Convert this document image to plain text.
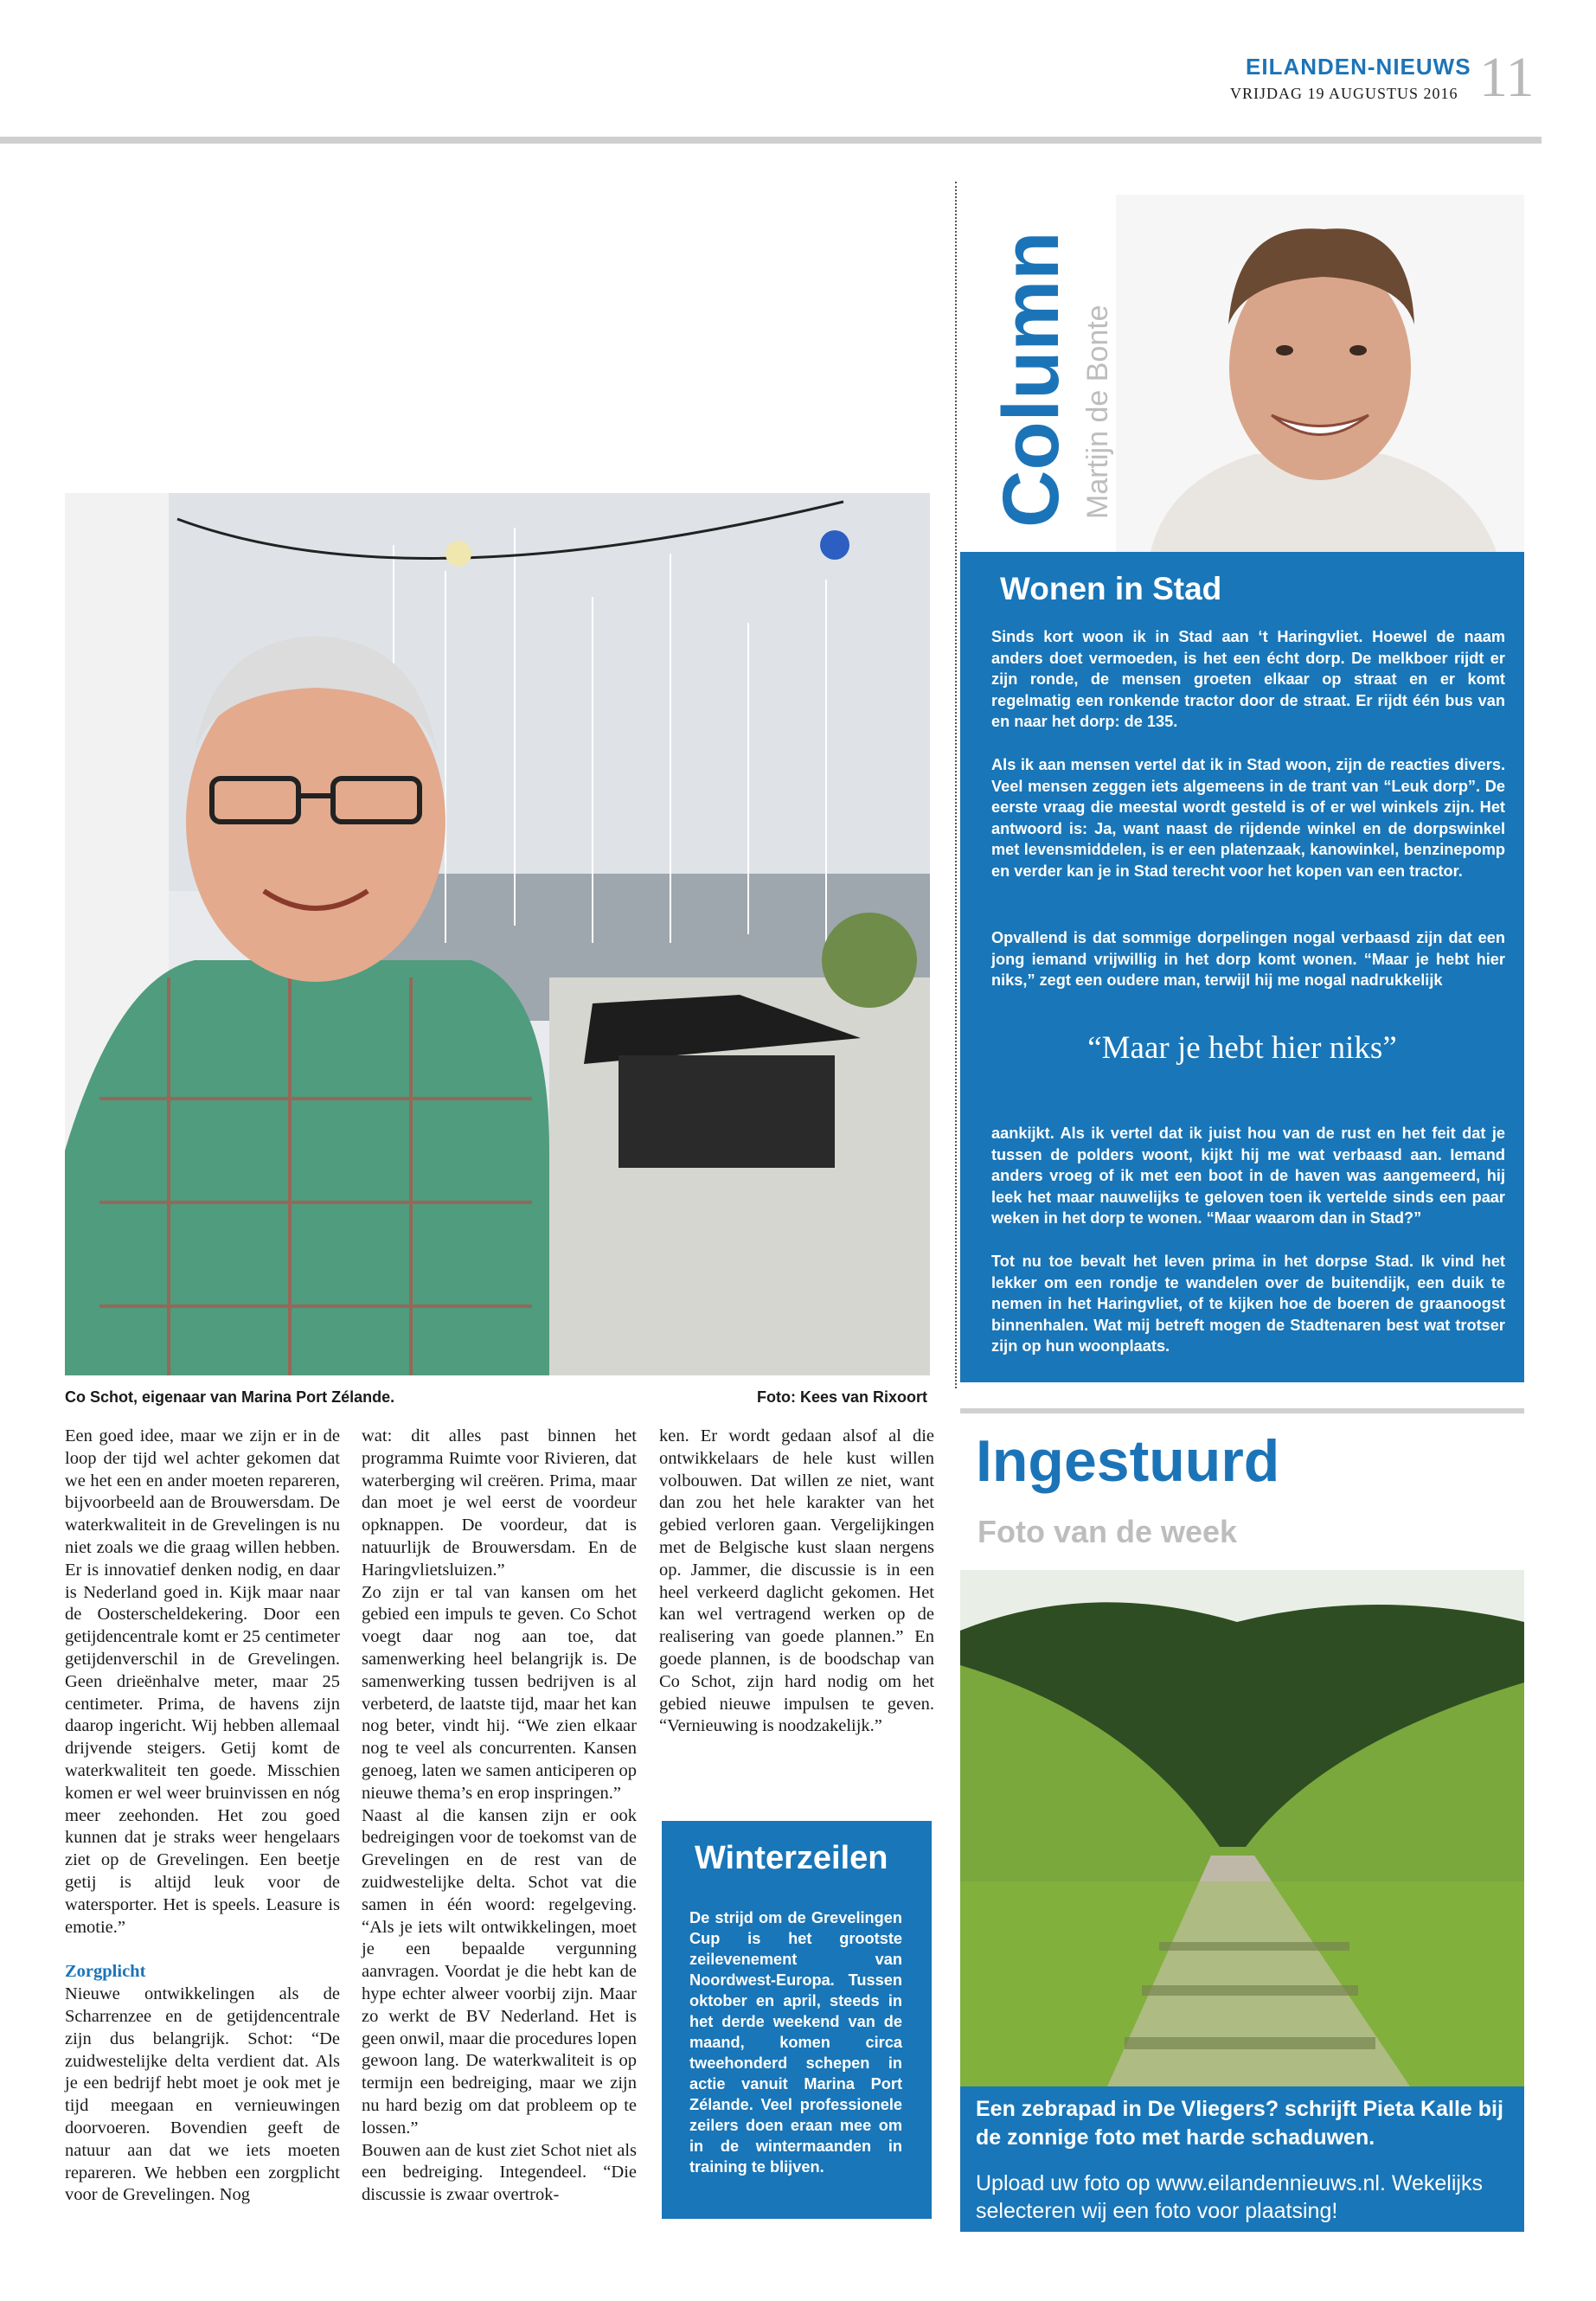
EILANDEN-NIEUWS
VRIJDAG 19 AUGUSTUS 2016 11
Column Martijn de Bonte
Wonen in Stad

Sinds kort woon ik in Stad aan ‘t Haringvliet. Hoewel de naam anders doet vermoeden, is het een écht dorp. De melkboer rijdt er zijn ronde, de mensen groeten elkaar op straat en er komt regelmatig een ronkende tractor door de straat. Er rijdt één bus van en naar het dorp: de 135.

Als ik aan mensen vertel dat ik in Stad woon, zijn de reacties divers. Veel mensen zeggen iets algemeens in de trant van “Leuk dorp”. De eerste vraag die meestal wordt gesteld is of er wel winkels zijn. Het antwoord is: Ja, want naast de rijdende winkel en de dorpswinkel met levensmiddelen, is er een platenzaak, kanowinkel, benzinepomp en verder kan je in Stad terecht voor het kopen van een tractor.

Opvallend is dat sommige dorpelingen nogal verbaasd zijn dat een jong iemand vrijwillig in het dorp komt wonen. “Maar je hebt hier niks,” zegt een oudere man, terwijl hij me nogal nadrukkelijk

“Maar je hebt hier niks”

aankijkt. Als ik vertel dat ik juist hou van de rust en het feit dat je tussen de polders woont, kijkt hij me wat verbaasd aan. Iemand anders vroeg of ik met een boot in de haven was aangemeerd, hij leek het maar nauwelijks te geloven toen ik vertelde sinds een paar weken in het dorp te wonen. “Maar waarom dan in Stad?”

Tot nu toe bevalt het leven prima in het dorpse Stad. Ik vind het lekker om een rondje te wandelen over de buitendijk, een duik te nemen in het Haringvliet, of te kijken hoe de boeren de graanoogst binnenhalen. Wat mij betreft mogen de Stadtenaren best wat trotser zijn op hun woonplaats.

Co Schot, eigenaar van Marina Port Zélande.	Foto: Kees van Rixoort

Een goed idee, maar we zijn er in de loop der tijd wel achter gekomen dat we het een en ander moeten repareren, bijvoorbeeld aan de Brouwersdam. De waterkwaliteit in de Grevelingen is nu niet zoals we die graag willen hebben. Er is innovatief denken nodig, en daar is Nederland goed in. Kijk maar naar de Oosterscheldekering. Door een getijdencentrale komt er 25 centimeter getijdenverschil in de Grevelingen. Geen drieënhalve meter, maar 25 centimeter. Prima, de havens zijn daarop ingericht. Wij hebben allemaal drijvende steigers. Getij komt de waterkwaliteit ten goede. Misschien komen er wel weer bruinvissen en nóg meer zeehonden. Het zou goed kunnen dat je straks weer hengelaars ziet op de Grevelingen. Een beetje getij is altijd leuk voor de watersporter. Het is speels. Leasure is emotie.”

Zorgplicht

Nieuwe ontwikkelingen als de Scharrenzee en de getijdencentrale zijn dus belangrijk. Schot: “De zuidwestelijke delta verdient dat. Als je een bedrijf hebt moet je ook met je tijd meegaan en vernieuwingen doorvoeren. Bovendien geeft de natuur aan dat we iets moeten repareren. We hebben een zorgplicht voor de Grevelingen. Nog

wat: dit alles past binnen het programma Ruimte voor Rivieren, dat waterberging wil creëren. Prima, maar dan moet je wel eerst de voordeur opknappen. De voordeur, dat is natuurlijk de Brouwersdam. En de Haringvlietsluizen.”

Zo zijn er tal van kansen om het gebied een impuls te geven. Co Schot voegt daar nog aan toe, dat samenwerking heel belangrijk is. De samenwerking tussen bedrijven is al verbeterd, de laatste tijd, maar het kan nog beter, vindt hij. “We zien elkaar nog te veel als concurrenten. Kansen genoeg, laten we samen anticiperen op nieuwe thema’s en erop inspringen.”

Naast al die kansen zijn er ook bedreigingen voor de toekomst van de Grevelingen en de rest van de zuidwestelijke delta. Schot vat die samen in één woord: regelgeving. “Als je iets wilt ontwikkelingen, moet je een bepaalde vergunning aanvragen. Voordat je die hebt kan de hype echter alweer voorbij zijn. Maar zo werkt de BV Nederland. Het is geen onwil, maar die procedures lopen gewoon lang. De waterkwaliteit is op termijn een bedreiging, maar we zijn nu hard bezig om dat probleem op te lossen.”

Bouwen aan de kust ziet Schot niet als een bedreiging. Integendeel. “Die discussie is zwaar overtrok-

ken. Er wordt gedaan alsof al die ontwikkelaars de hele kust willen volbouwen. Dat willen ze niet, want dan zou het hele karakter van het gebied verloren gaan. Vergelijkingen met de Belgische kust slaan nergens op. Jammer, die discussie is in een heel verkeerd daglicht gekomen. Het kan wel vertragend werken op de realisering van goede plannen.” En goede plannen, is de boodschap van Co Schot, zijn hard nodig om het gebied nieuwe impulsen te geven. “Vernieuwing is noodzakelijk.”

Winterzeilen

De strijd om de Grevelingen Cup is het grootste zeilevenement van Noordwest-Europa. Tussen oktober en april, steeds in het derde weekend van de maand, komen circa tweehonderd schepen in actie vanuit Marina Port Zélande. Veel professionele zeilers doen eraan mee om in de wintermaanden in training te blijven.

Ingestuurd
Foto van de week

Een zebrapad in De Vliegers? schrijft Pieta Kalle bij de zonnige foto met harde schaduwen.

Upload uw foto op www.eilandennieuws.nl. Wekelijks selecteren wij een foto voor plaatsing!
